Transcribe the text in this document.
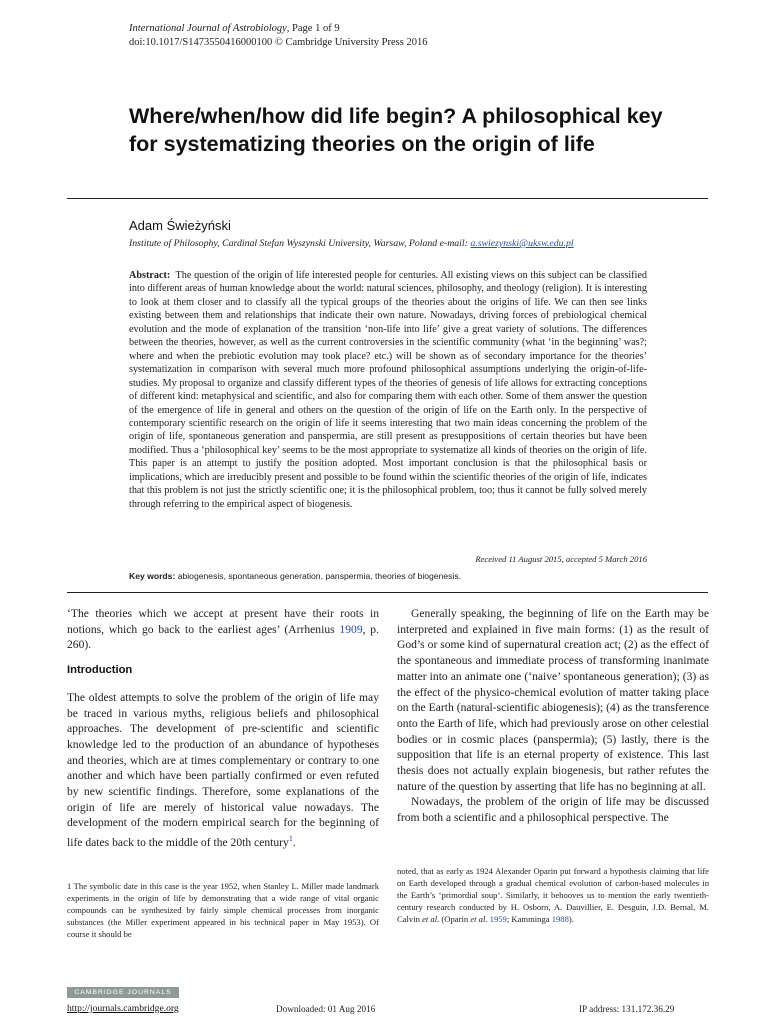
International Journal of Astrobiology, Page 1 of 9
doi:10.1017/S1473550416000100 © Cambridge University Press 2016
Where/when/how did life begin? A philosophical key for systematizing theories on the origin of life
Adam Świeżyński
Institute of Philosophy, Cardinal Stefan Wyszynski University, Warsaw, Poland e-mail: a.swiezynski@uksw.edu.pl

Abstract: The question of the origin of life interested people for centuries. All existing views on this subject can be classified into different areas of human knowledge about the world: natural sciences, philosophy, and theology (religion). It is interesting to look at them closer and to classify all the typical groups of the theories about the origins of life. We can then see links existing between them and relationships that indicate their own nature. Nowadays, driving forces of prebiological chemical evolution and the mode of explanation of the transition ‘non-life into life’ give a great variety of solutions. The differences between the theories, however, as well as the current controversies in the scientific community (what ‘in the beginning’ was?; where and when the prebiotic evolution may took place? etc.) will be shown as of secondary importance for the theories’ systematization in comparison with several much more profound philosophical assumptions underlying the origin-of-life-studies. My proposal to organize and classify different types of the theories of genesis of life allows for extracting conceptions of different kind: metaphysical and scientific, and also for comparing them with each other. Some of them answer the question of the emergence of life in general and others on the question of the origin of life on the Earth only. In the perspective of contemporary scientific research on the origin of life it seems interesting that two main ideas concerning the problem of the origin of life, spontaneous generation and panspermia, are still present as presuppositions of certain theories but have been modified. Thus a ‘philosophical key’ seems to be the most appropriate to systematize all kinds of theories on the origin of life. This paper is an attempt to justify the position adopted. Most important conclusion is that the philosophical basis or implications, which are irreducibly present and possible to be found within the scientific theories of the origin of life, indicates that this problem is not just the strictly scientific one; it is the philosophical problem, too; thus it cannot be fully solved merely through referring to the empirical aspect of biogenesis.

Received 11 August 2015, accepted 5 March 2016
Key words: abiogenesis, spontaneous generation, panspermia, theories of biogenesis.

‘The theories which we accept at present have their roots in notions, which go back to the earliest ages’ (Arrhenius 1909, p. 260).

Introduction

The oldest attempts to solve the problem of the origin of life may be traced in various myths, religious beliefs and philosophical approaches. The development of pre-scientific and scientific knowledge led to the production of an abundance of hypotheses and theories, which are at times complementary or contrary to one another and which have been partially confirmed or even refuted by new scientific findings. Therefore, some explanations of the origin of life are merely of historical value nowadays. The development of the modern empirical search for the beginning of life dates back to the middle of the 20th century$^1$.

Generally speaking, the beginning of life on the Earth may be interpreted and explained in five main forms: (1) as the result of God’s or some kind of supernatural creation act; (2) as the effect of the spontaneous and immediate process of transforming inanimate matter into an animate one (‘naive’ spontaneous generation); (3) as the effect of the physico-chemical evolution of matter taking place on the Earth (natural-scientific abiogenesis); (4) as the transference onto the Earth of life, which had previously arose on other celestial bodies or in cosmic places (panspermia); (5) lastly, there is the supposition that life is an eternal property of existence. This last thesis does not actually explain biogenesis, but rather refutes the nature of the question by asserting that life has no beginning at all.

Nowadays, the problem of the origin of life may be discussed from both a scientific and a philosophical perspective. The

1 The symbolic date in this case is the year 1952, when Stanley L. Miller made landmark experiments in the origin of life by demonstrating that a wide range of vital organic compounds can be synthesized by fairly simple chemical processes from inorganic substances (the Miller experiment appeared in his technical paper in May 1953). Of course it should be
noted, that as early as 1924 Alexander Oparin put forward a hypothesis claiming that life on Earth developed through a gradual chemical evolution of carbon-based molecules in the Earth’s ‘primordial soup’. Similarly, it behooves us to mention the early twentieth-century research conducted by H. Osborn, A. Dauvillier, E. Desguin, J.D. Bernal, M. Calvin et al. (Oparin et al. 1959; Kamminga 1988).
CAMBRIDGE JOURNALS
http://journals.cambridge.org	Downloaded: 01 Aug 2016	IP address: 131.172.36.29
